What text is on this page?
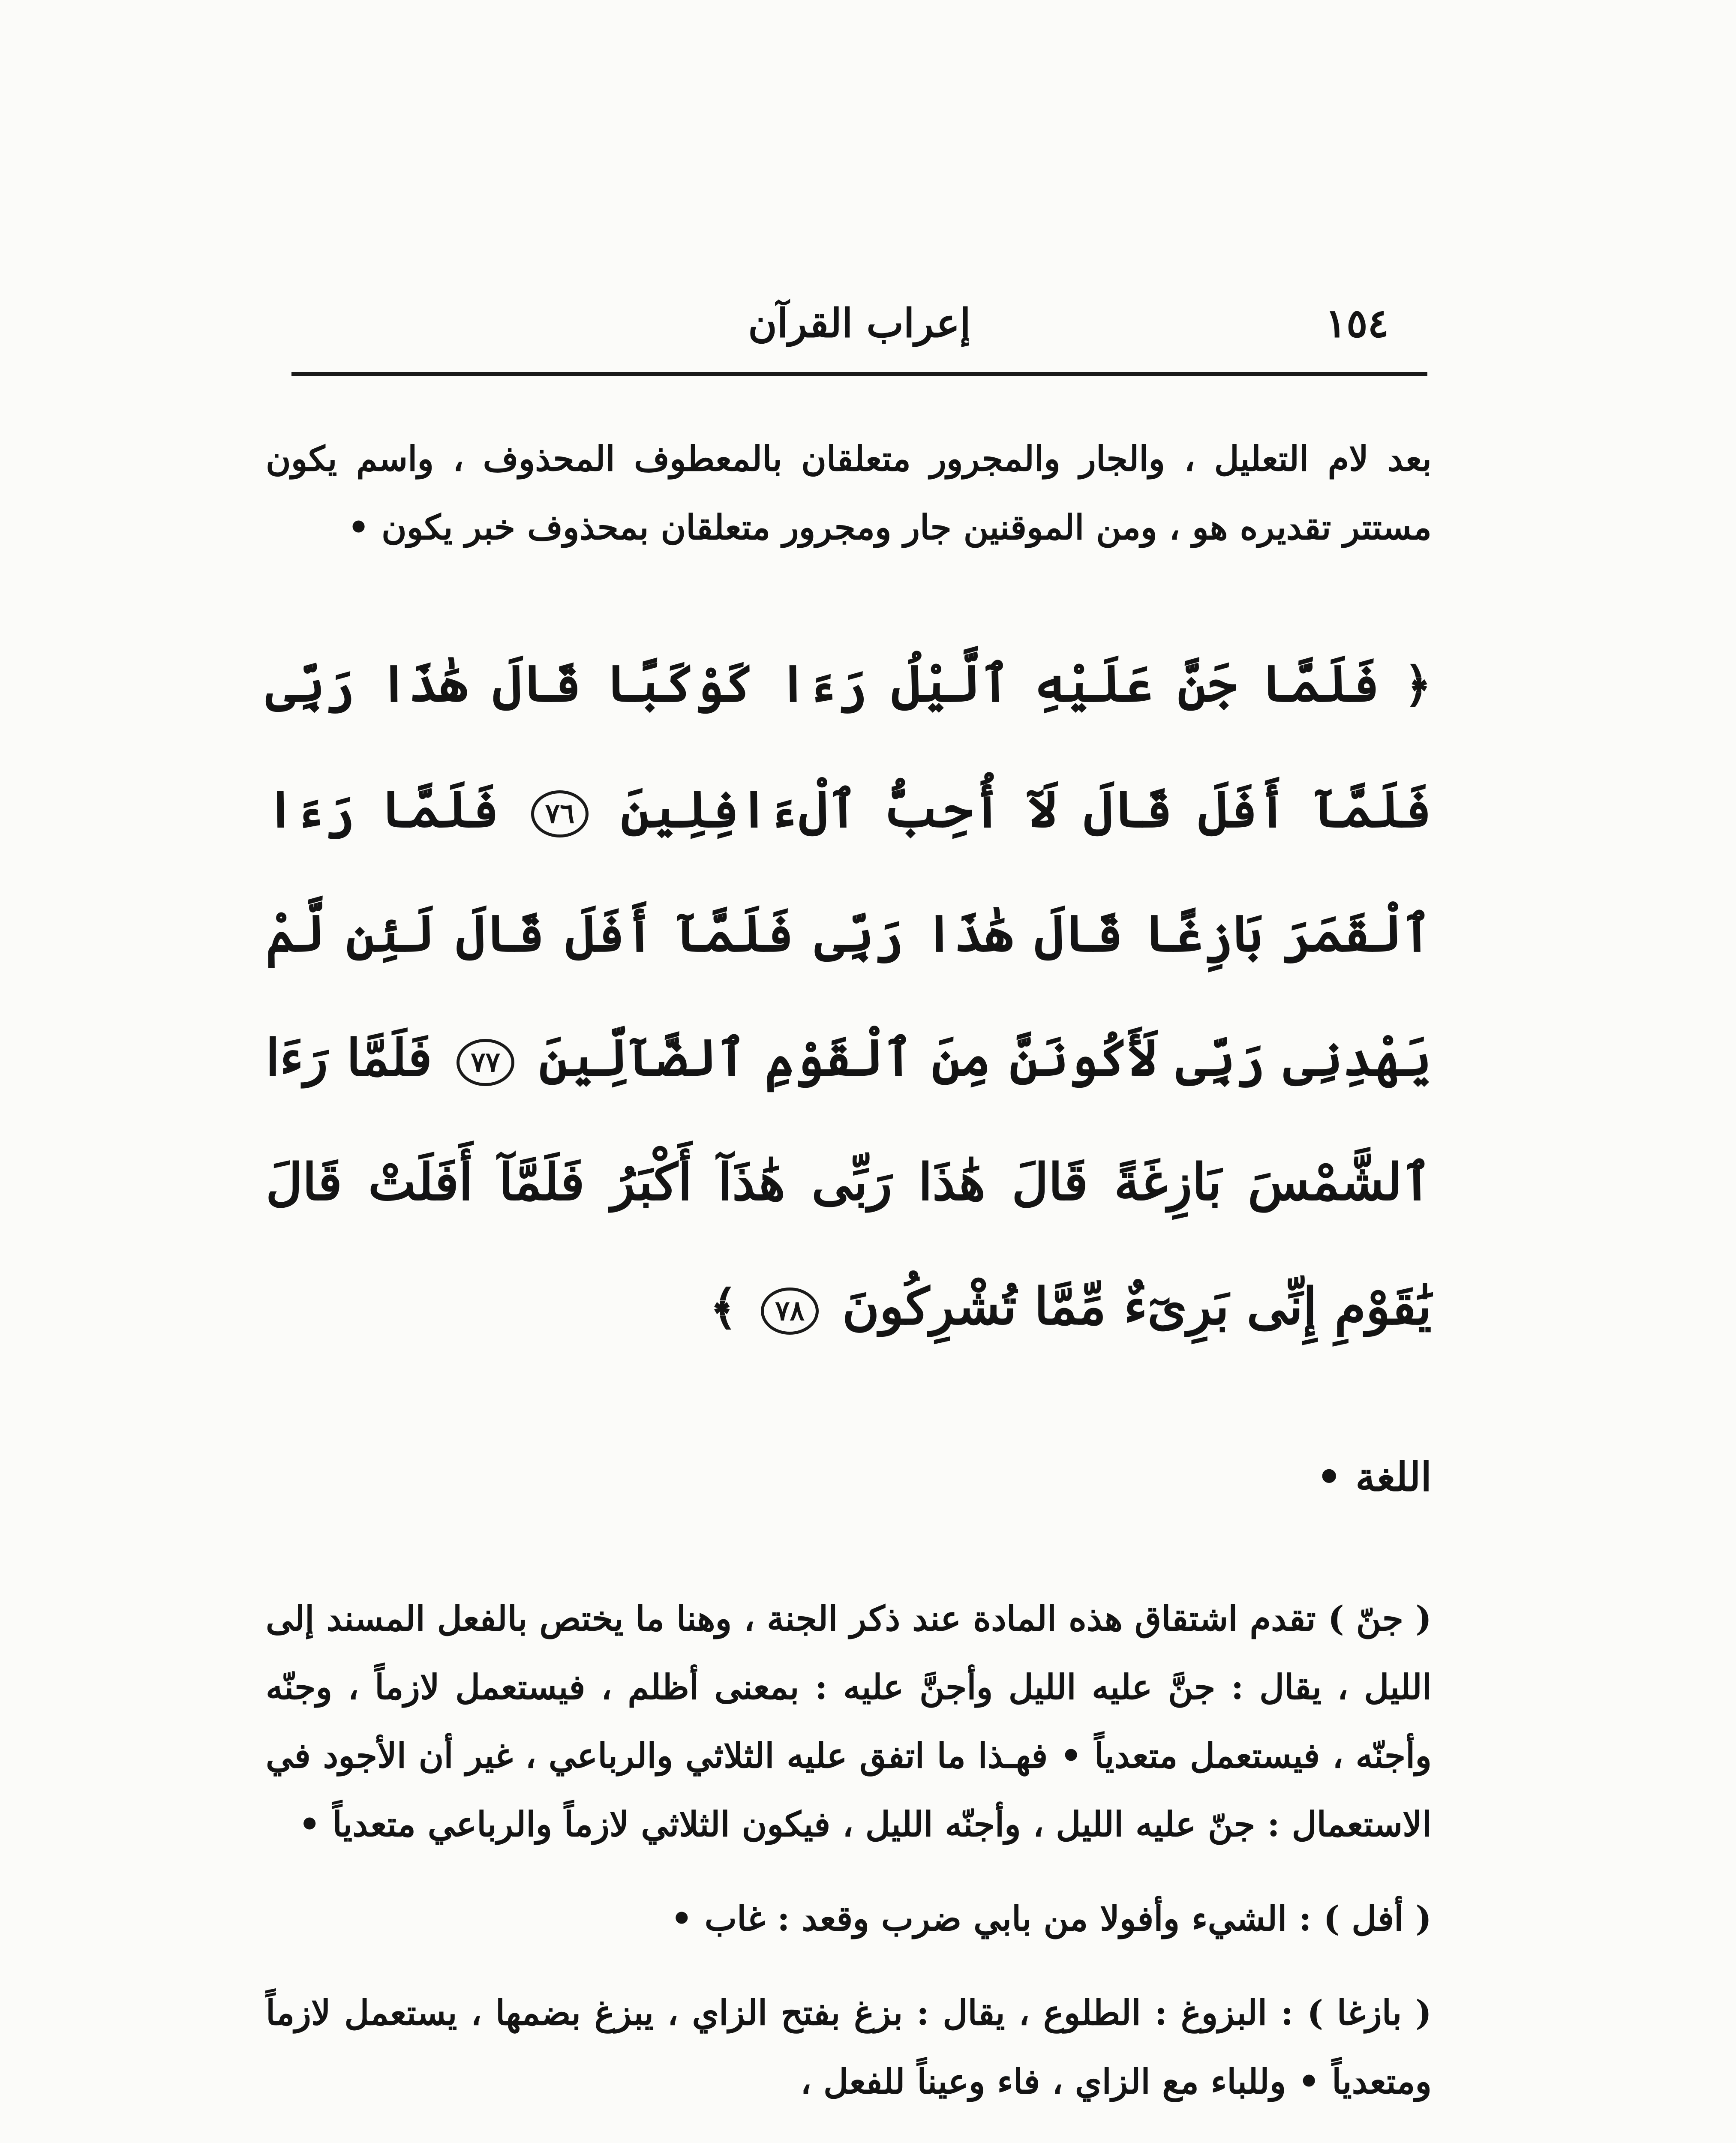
١٥٤
إعراب القرآن

بعد لام التعليل ، والجار والمجرور متعلقان بالمعطوف المحذوف ، واسم يكون مستتر تقديره هو ، ومن الموقنين جار ومجرور متعلقان بمحذوف خبر يكون •

﴿ فَلَمَّا جَنَّ عَلَيْهِ ٱلَّيْلُ رَءَا كَوْكَبًا قَالَ هَٰذَا رَبِّى فَلَمَّآ أَفَلَ قَالَ لَآ أُحِبُّ ٱلْءَافِلِينَ ٧٦ فَلَمَّا رَءَا ٱلْقَمَرَ بَازِغًا قَالَ هَٰذَا رَبِّى فَلَمَّآ أَفَلَ قَالَ لَئِن لَّمْ يَهْدِنِى رَبِّى لَأَكُونَنَّ مِنَ ٱلْقَوْمِ ٱلضَّآلِّينَ ٧٧ فَلَمَّا رَءَا ٱلشَّمْسَ بَازِغَةً قَالَ هَٰذَا رَبِّى هَٰذَآ أَكْبَرُ فَلَمَّآ أَفَلَتْ قَالَ يَٰقَوْمِ إِنِّى بَرِىٓءٌ مِّمَّا تُشْرِكُونَ ٧٨ ﴾
اللغة •

( جنّ ) تقدم اشتقاق هذه المادة عند ذكر الجنة ، وهنا ما يختص بالفعل المسند إلى الليل ، يقال : جنَّ عليه الليل وأجنَّ عليه : بمعنى أظلم ، فيستعمل لازماً ، وجنّه وأجنّه ، فيستعمل متعدياً • فهـذا ما اتفق عليه الثلاثي والرباعي ، غير أن الأجود في الاستعمال : جنّ عليه الليل ، وأجنّه الليل ، فيكون الثلاثي لازماً والرباعي متعدياً •

( أفل ) : الشيء وأفولا من بابي ضرب وقعد : غاب •

( بازغا ) : البزوغ : الطلوع ، يقال : بزغ بفتح الزاي ، يبزغ بضمها ، يستعمل لازماً ومتعدياً • وللباء مع الزاي ، فاء وعيناً للفعل ،
